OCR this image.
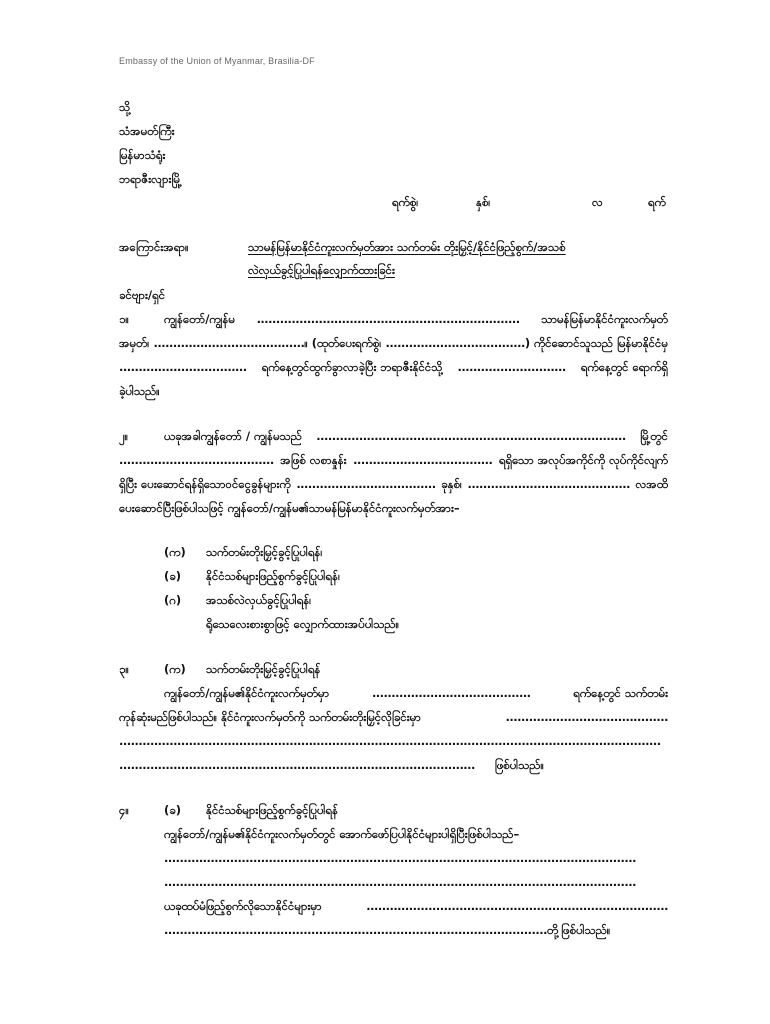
Embassy of the Union of Myanmar, Brasilia-DF
သို့
သံအမတ်ကြီး
မြန်မာသံရုံး
ဘရာဇီးလျားမြို့
ရက်စွဲ၊	နှစ်၊	လ	ရက်
အကြောင်းအရာ။	သာမန်မြန်မာနိုင်ငံကူးလက်မှတ်အား သက်တမ်း တိုးမြှင့်/နိုင်ငံဖြည့်စွက်/အသစ်
လဲလှယ်ခွင့်ပြုပါရန်လျှောက်ထားခြင်း
ခင်ဗျား/ရှင်
၁။	ကျွန်တော်/ကျွန်မ .................................................................... သာမန်မြန်မာနိုင်ငံကူးလက်မှတ်
အမှတ်၊ .......................................။ (ထုတ်ပေးရက်စွဲ၊ ....................................) ကိုင်ဆောင်သူသည် မြန်မာနိုင်ငံမှ
................................. ရက်နေ့တွင်ထွက်ခွာလာခဲ့ပြီး ဘရာဇီးနိုင်ငံသို့ ............................ ရက်နေ့တွင် ရောက်ရှိ
ခဲ့ပါသည်။
၂။	ယခုအခါကျွန်တော် / ကျွန်မသည် ................................................................................ မြို့တွင်
........................................ အဖြစ် လစာနှုန်း .................................... ရရှိသော အလုပ်အကိုင်ကို လုပ်ကိုင်လျက်
ရှိပြီး ပေးဆောင်ရန်ရှိသောဝင်ငွေခွန်များကို .................................... ခုနှစ်၊ .......................................... လအထိ
ပေးဆောင်ပြီးဖြစ်ပါသဖြင့် ကျွန်တော်/ကျွန်မ၏သာမန်မြန်မာနိုင်ငံကူးလက်မှတ်အား–
(က) သက်တမ်းတိုးမြှင့်ခွင့်ပြုပါရန်၊
(ခ) နိုင်ငံသစ်များဖြည့်စွက်ခွင့်ပြုပါရန်၊
(ဂ) အသစ်လဲလှယ်ခွင့်ပြုပါရန်၊
ရိုသေလေးစားစွာဖြင့် လျှောက်ထားအပ်ပါသည်။
၃။	(က) သက်တမ်းတိုးမြှင့်ခွင့်ပြုပါရန်
ကျွန်တော်/ကျွန်မ၏နိုင်ငံကူးလက်မှတ်မှာ	.........................................	ရက်နေ့တွင် သက်တမ်း
ကုန်ဆုံးမည်ဖြစ်ပါသည်။ နိုင်ငံကူးလက်မှတ်ကို သက်တမ်းတိုးမြှင့်လိုခြင်းမှာ	..........................................
............................................................................................................................................
............................................................................................ ဖြစ်ပါသည်။
၄။	(ခ) နိုင်ငံသစ်များဖြည့်စွက်ခွင့်ပြုပါရန်
ကျွန်တော်/ကျွန်မ၏နိုင်ငံကူးလက်မှတ်တွင် အောက်ဖော်ပြပါနိုင်ငံများပါရှိပြီးဖြစ်ပါသည်–
..........................................................................................................................
..........................................................................................................................
ယခုထပ်မံဖြည့်စွက်လိုသောနိုင်ငံများမှာ	..............................................................................
................................................................................................... တို့ဖြစ်ပါသည်။
